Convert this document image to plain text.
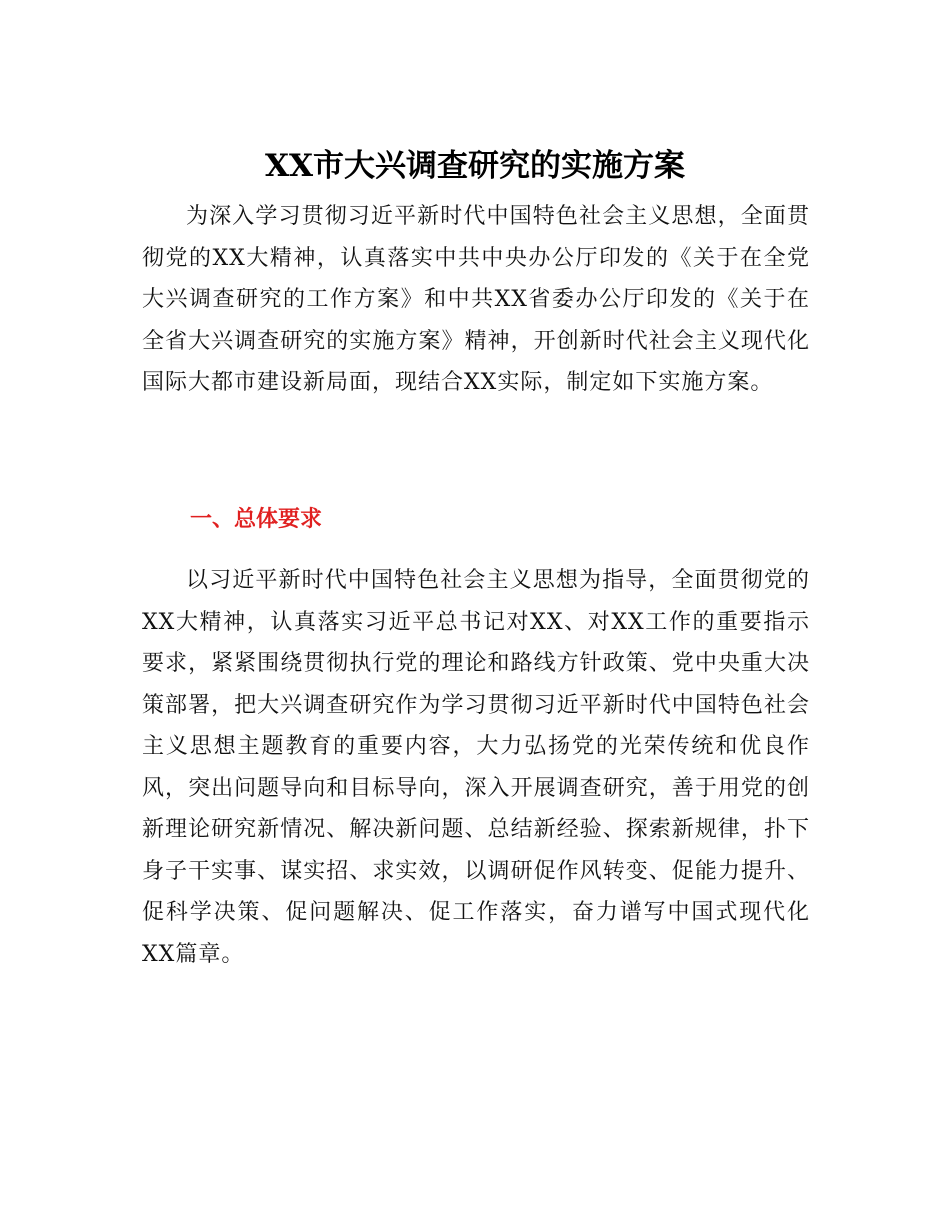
XX市大兴调查研究的实施方案

为深入学习贯彻习近平新时代中国特色社会主义思想，全面贯彻党的XX大精神，认真落实中共中央办公厅印发的《关于在全党大兴调查研究的工作方案》和中共XX省委办公厅印发的《关于在全省大兴调查研究的实施方案》精神，开创新时代社会主义现代化国际大都市建设新局面，现结合XX实际，制定如下实施方案。

一、总体要求

以习近平新时代中国特色社会主义思想为指导，全面贯彻党的XX大精神，认真落实习近平总书记对XX、对XX工作的重要指示要求，紧紧围绕贯彻执行党的理论和路线方针政策、党中央重大决策部署，把大兴调查研究作为学习贯彻习近平新时代中国特色社会主义思想主题教育的重要内容，大力弘扬党的光荣传统和优良作风，突出问题导向和目标导向，深入开展调查研究，善于用党的创新理论研究新情况、解决新问题、总结新经验、探索新规律，扑下身子干实事、谋实招、求实效，以调研促作风转变、促能力提升、促科学决策、促问题解决、促工作落实，奋力谱写中国式现代化XX篇章。
